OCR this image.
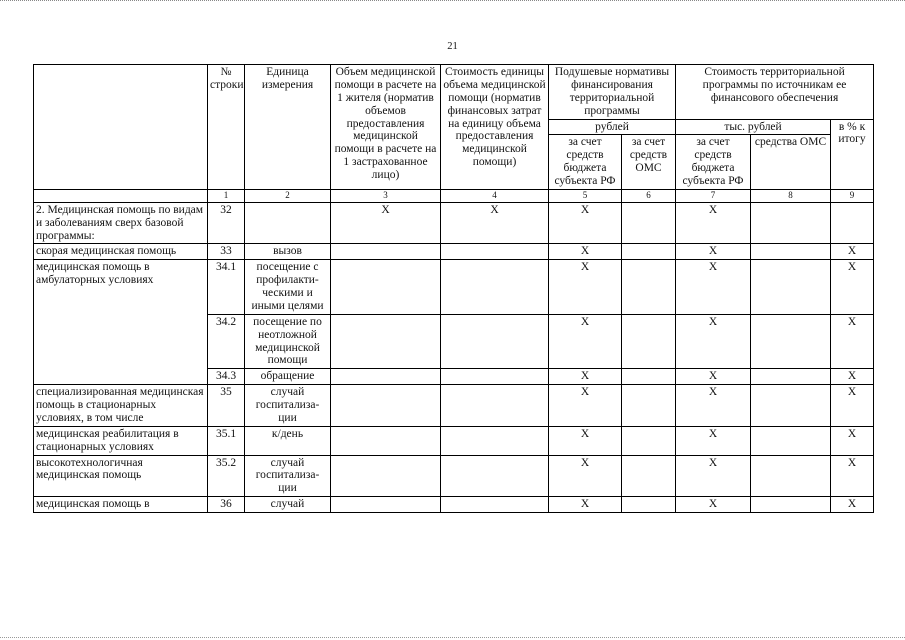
21
	№ строки	Единица измерения	Объем медицинской помощи в расчете на 1 жителя (норматив объемов предоставления медицинской помощи в расчете на 1 застрахованное лицо)	Стоимость единицы объема медицинской помощи (норматив финансовых затрат на единицу объема предоставления медицинской помощи)	Подушевые нормативы финансирования территориальной программы		Стоимость территориальной программы по источникам ее финансового обеспечения		
					рублей		тыс. рублей		в % к итогу
					за счет средств бюджета субъекта РФ	за счет средств ОМС	за счет средств бюджета субъекта РФ	средства ОМС	
	1	2	3	4	5	6	7	8	9
2. Медицинская помощь по видам и заболеваниям сверх базовой программы:	32		Х	Х	Х		Х		
скорая медицинская помощь	33	вызов			Х		Х		Х
медицинская помощь в амбулаторных условиях	34.1	посещение с профилакти-ческими и иными целями			Х		Х		Х
	34.2	посещение по неотложной медицинской помощи			Х		Х		Х
	34.3	обращение			Х		Х		Х
специализированная медицинская помощь в стационарных условиях, в том числе	35	случай госпитализа-ции			Х		Х		Х
медицинская реабилитация в стационарных условиях	35.1	к/день			Х		Х		Х
высокотехнологичная медицинская помощь	35.2	случай госпитализа-ции			Х		Х		Х
медицинская помощь в	36	случай			Х		Х		Х
